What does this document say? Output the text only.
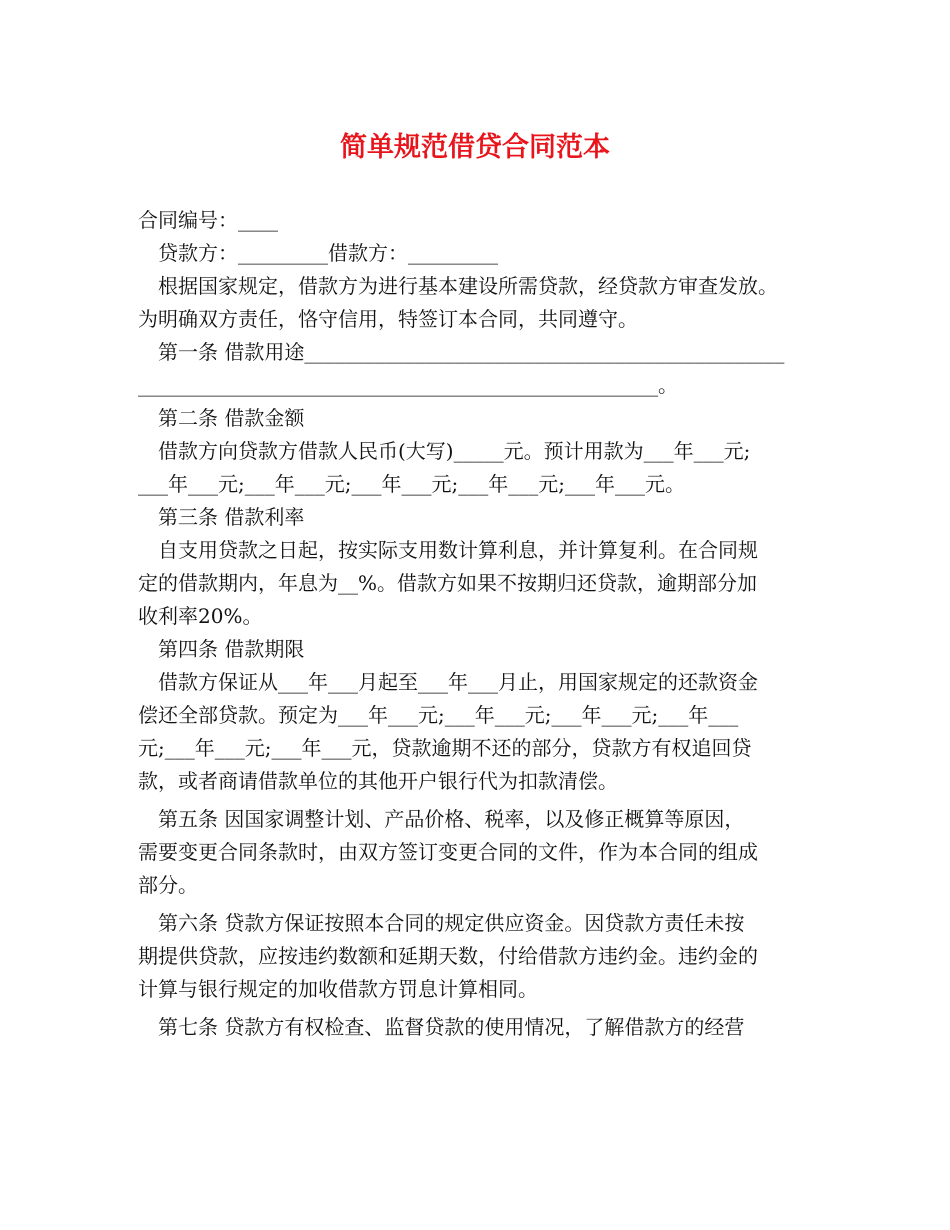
简单规范借贷合同范本
合同编号：____
　贷款方：_________借款方：_________
　根据国家规定，借款方为进行基本建设所需贷款，经贷款方审查发放。
为明确双方责任，恪守信用，特签订本合同，共同遵守。
　第一条 借款用途________________________________________________
____________________________________________________。
　第二条 借款金额
　借款方向贷款方借款人民币(大写)_____元。预计用款为___年___元;
___年___元;___年___元;___年___元;___年___元;___年___元。
　第三条 借款利率
　自支用贷款之日起，按实际支用数计算利息，并计算复利。在合同规
定的借款期内，年息为__%。借款方如果不按期归还贷款，逾期部分加
收利率20%。
　第四条 借款期限
　借款方保证从___年___月起至___年___月止，用国家规定的还款资金
偿还全部贷款。预定为___年___元;___年___元;___年___元;___年___
元;___年___元;___年___元，贷款逾期不还的部分，贷款方有权追回贷
款，或者商请借款单位的其他开户银行代为扣款清偿。
　第五条 因国家调整计划、产品价格、税率，以及修正概算等原因，
需要变更合同条款时，由双方签订变更合同的文件，作为本合同的组成
部分。
　第六条 贷款方保证按照本合同的规定供应资金。因贷款方责任未按
期提供贷款，应按违约数额和延期天数，付给借款方违约金。违约金的
计算与银行规定的加收借款方罚息计算相同。
　第七条 贷款方有权检查、监督贷款的使用情况，了解借款方的经营
